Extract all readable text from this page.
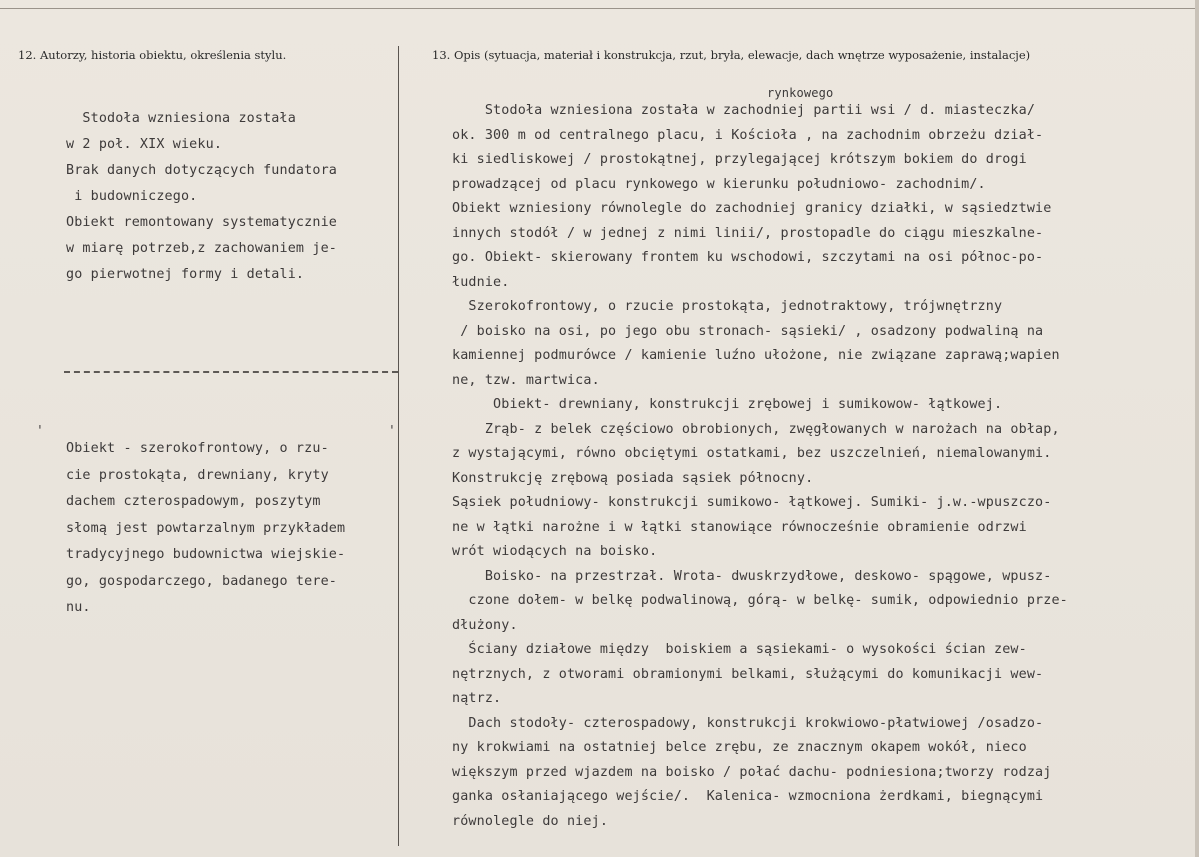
12. Autorzy, historia obiektu, określenia stylu.	13. Opis (sytuacja, materiał i konstrukcja, rzut, bryła, elewacje, dach wnętrze wyposażenie, instalacje)
Stodoła wzniesiona została
w 2 poł. XIX wieku.
Brak danych dotyczących fundatora
i budowniczego.
Obiekt remontowany systematycznie
w miarę potrzeb,z zachowaniem je-
go pierwotnej formy i detali.
'	'
Obiekt - szerokofrontowy, o rzu-
cie prostokąta, drewniany, kryty
dachem czterospadowym, poszytym
słomą jest powtarzalnym przykładem
tradycyjnego budownictwa wiejskie-
go, gospodarczego, badanego tere-
nu.
rynkowego
Stodoła wzniesiona została w zachodniej partii wsi / d. miasteczka/
ok. 300 m od centralnego placu, i Kościoła , na zachodnim obrzeżu dział-
ki siedliskowej / prostokątnej, przylegającej krótszym bokiem do drogi
prowadzącej od placu rynkowego w kierunku południowo- zachodnim/.
Obiekt wzniesiony równolegle do zachodniej granicy działki, w sąsiedztwie
innych stodół / w jednej z nimi linii/, prostopadle do ciągu mieszkalne-
go. Obiekt- skierowany frontem ku wschodowi, szczytami na osi północ-po-
łudnie.
Szerokofrontowy, o rzucie prostokąta, jednotraktowy, trójwnętrzny
/ boisko na osi, po jego obu stronach- sąsieki/ , osadzony podwaliną na
kamiennej podmurówce / kamienie luźno ułożone, nie związane zaprawą;wapien
ne, tzw. martwica.
Obiekt- drewniany, konstrukcji zrębowej i sumikowow- łątkowej.
Zrąb- z belek częściowo obrobionych, zwęgłowanych w narożach na obłap,
z wystającymi, równo obciętymi ostatkami, bez uszczelnień, niemalowanymi.
Konstrukcję zrębową posiada sąsiek północny.
Sąsiek południowy- konstrukcji sumikowo- łątkowej. Sumiki- j.w.-wpuszczo-
ne w łątki narożne i w łątki stanowiące równocześnie obramienie odrzwi
wrót wiodących na boisko.
Boisko- na przestrzał. Wrota- dwuskrzydłowe, deskowo- spągowe, wpusz-
czone dołem- w belkę podwalinową, górą- w belkę- sumik, odpowiednio prze-
dłużony.
Ściany działowe między  boiskiem a sąsiekami- o wysokości ścian zew-
nętrznych, z otworami obramionymi belkami, służącymi do komunikacji wew-
nątrz.
Dach stodoły- czterospadowy, konstrukcji krokwiowo-płatwiowej /osadzo-
ny krokwiami na ostatniej belce zrębu, ze znacznym okapem wokół, nieco
większym przed wjazdem na boisko / połać dachu- podniesiona;tworzy rodzaj
ganka osłaniającego wejście/.  Kalenica- wzmocniona żerdkami, biegnącymi
równolegle do niej.
